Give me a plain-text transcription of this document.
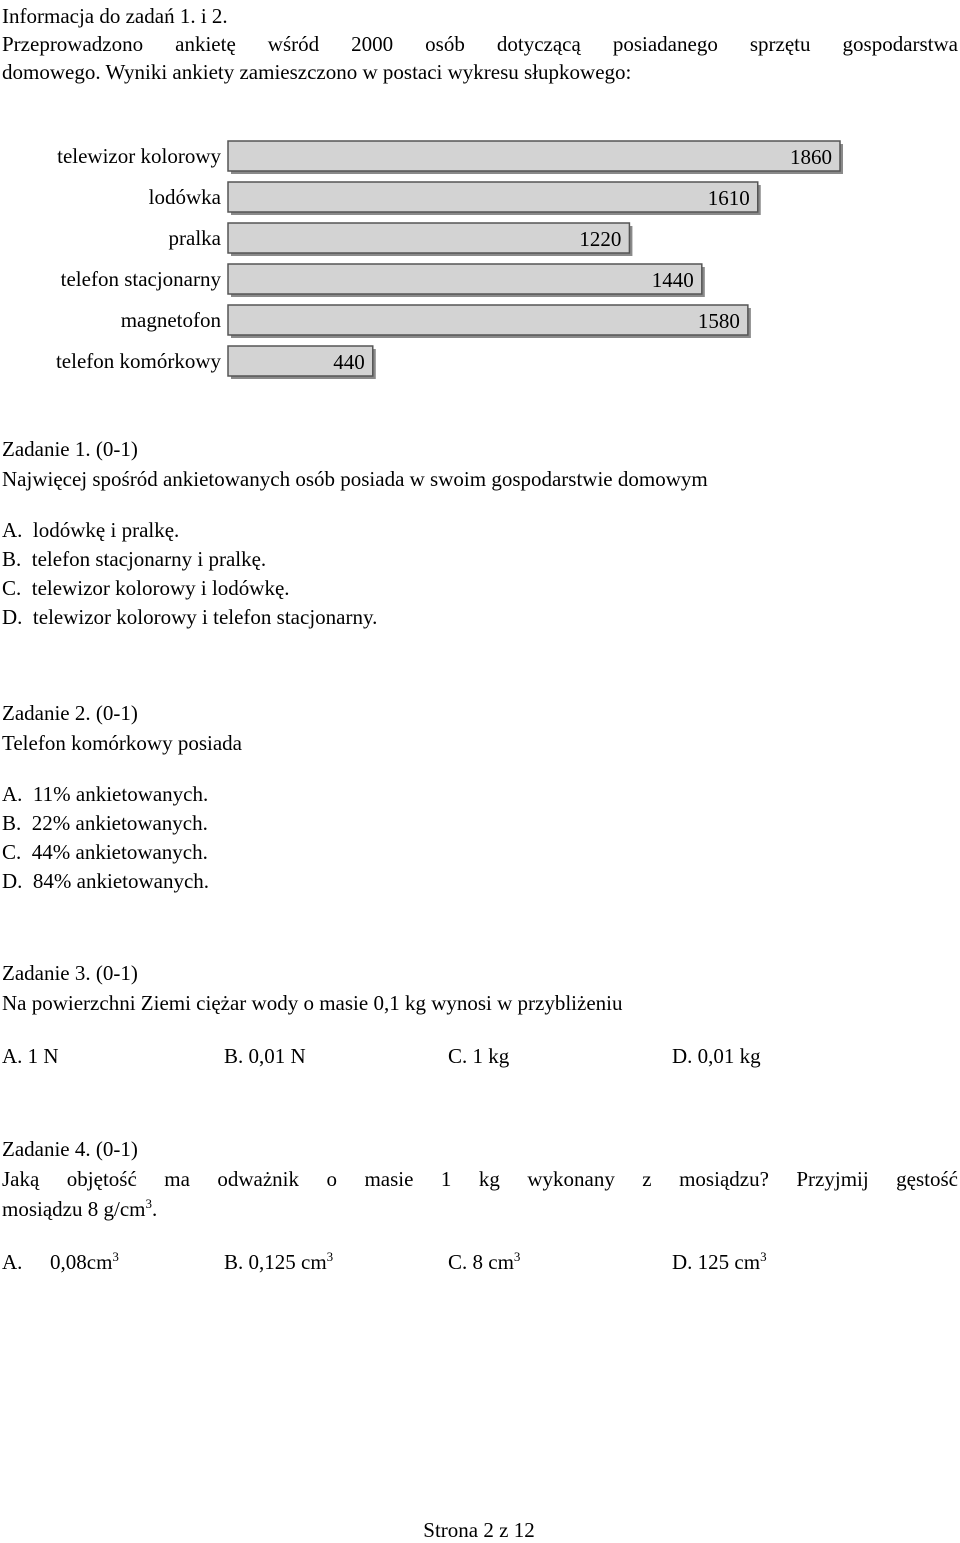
Informacja do zadań 1. i 2.
Przeprowadzono ankietę wśród 2000 osób dotyczącą posiadanego sprzętu gospodarstwa
domowego. Wyniki ankiety zamieszczono w postaci wykresu słupkowego:
telewizor kolorowy	1860
lodówka	1610
pralka	1220
telefon stacjonarny	1440
magnetofon	1580
telefon komórkowy	440
Zadanie 1. (0-1)
Najwięcej spośród ankietowanych osób posiada w swoim gospodarstwie domowym
A. lodówkę i pralkę.
B. telefon stacjonarny i pralkę.
C. telewizor kolorowy i lodówkę.
D. telewizor kolorowy i telefon stacjonarny.
Zadanie 2. (0-1)
Telefon komórkowy posiada
A. 11% ankietowanych.
B. 22% ankietowanych.
C. 44% ankietowanych.
D. 84% ankietowanych.
Zadanie 3. (0-1)
Na powierzchni Ziemi ciężar wody o masie 0,1 kg wynosi w przybliżeniu
A. 1 N	B. 0,01 N	C. 1 kg	D. 0,01 kg
Zadanie 4. (0-1)
Jaką objętość ma odważnik o masie 1 kg wykonany z mosiądzu? Przyjmij gęstość
mosiądzu 8 $g/cm^3$.
A. $0,08cm^3$	B. 0,125 $cm^3$	C. 8 $cm^3$	D. 125 $cm^3$
Strona 2 z 12
